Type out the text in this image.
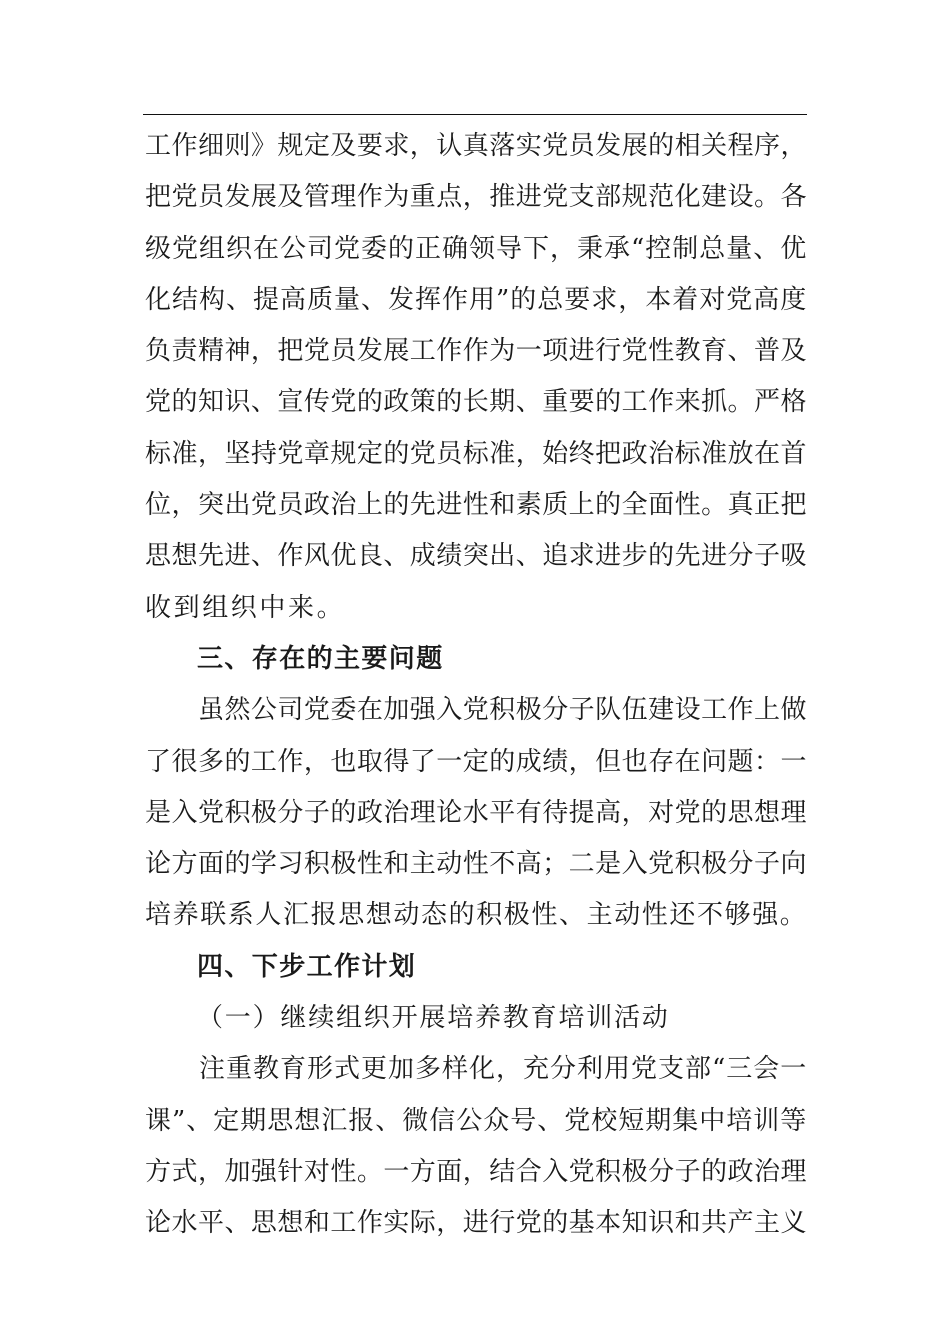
工作细则》规定及要求，认真落实党员发展的相关程序，
把党员发展及管理作为重点，推进党支部规范化建设。各
级党组织在公司党委的正确领导下，秉承“控制总量、优
化结构、提高质量、发挥作用”的总要求，本着对党高度
负责精神，把党员发展工作作为一项进行党性教育、普及
党的知识、宣传党的政策的长期、重要的工作来抓。严格
标准，坚持党章规定的党员标准，始终把政治标准放在首
位，突出党员政治上的先进性和素质上的全面性。真正把
思想先进、作风优良、成绩突出、追求进步的先进分子吸
收到组织中来。
三、存在的主要问题
　　虽然公司党委在加强入党积极分子队伍建设工作上做
了很多的工作，也取得了一定的成绩，但也存在问题：一
是入党积极分子的政治理论水平有待提高，对党的思想理
论方面的学习积极性和主动性不高；二是入党积极分子向
培养联系人汇报思想动态的积极性、主动性还不够强。
四、下步工作计划
（一）继续组织开展培养教育培训活动
　　注重教育形式更加多样化，充分利用党支部“三会一
课”、定期思想汇报、微信公众号、党校短期集中培训等
方式，加强针对性。一方面，结合入党积极分子的政治理
论水平、思想和工作实际，进行党的基本知识和共产主义
